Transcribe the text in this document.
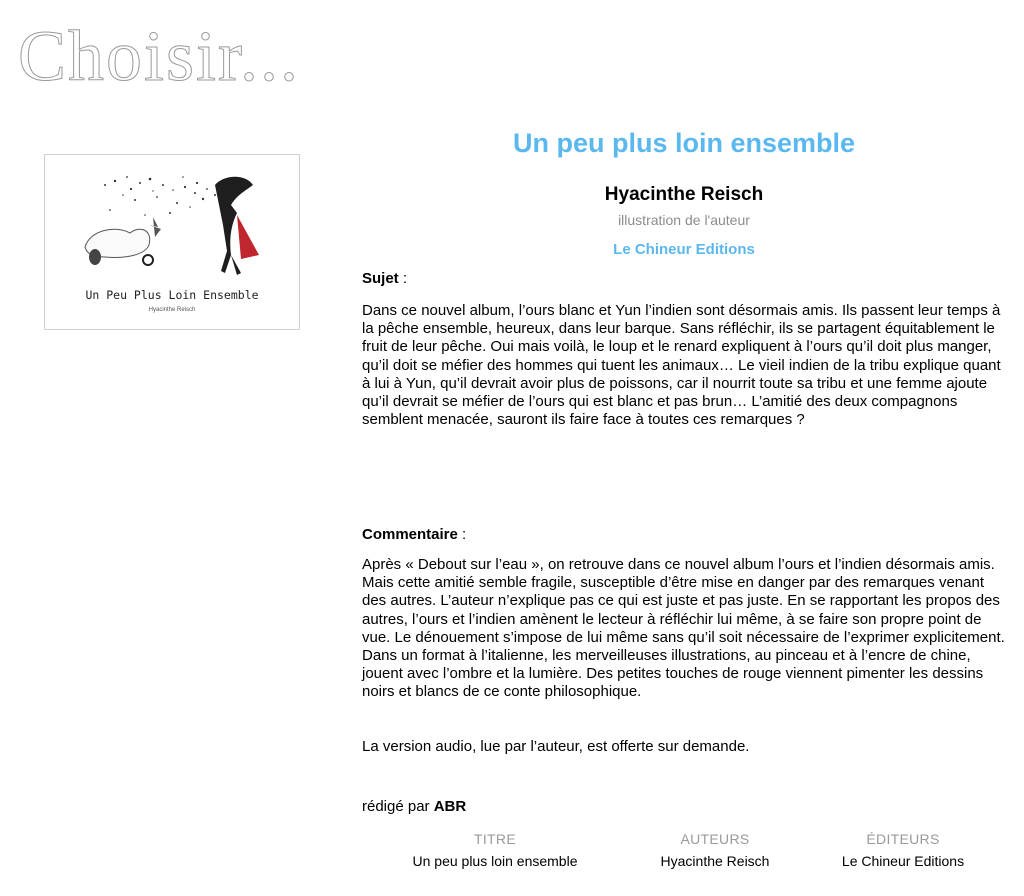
Choisir...
Un Peu Plus Loin Ensemble
Hyacinthe Reisch
Un peu plus loin ensemble
Hyacinthe Reisch
illustration de l'auteur
Le Chineur Editions
Sujet :

Dans ce nouvel album, l’ours blanc et Yun l’indien sont désormais amis. Ils passent leur temps à la pêche ensemble, heureux, dans leur barque. Sans réfléchir, ils se partagent équitablement le fruit de leur pêche. Oui mais voilà, le loup et le renard expliquent à l’ours qu’il doit plus manger, qu’il doit se méfier des hommes qui tuent les animaux… Le vieil indien de la tribu explique quant à lui à Yun, qu’il devrait avoir plus de poissons, car il nourrit toute sa tribu et une femme ajoute qu’il devrait se méfier de l’ours qui est blanc et pas brun… L’amitié des deux compagnons semblent menacée, sauront ils faire face à toutes ces remarques ?

Commentaire :

Après « Debout sur l’eau », on retrouve dans ce nouvel album l’ours et l’indien désormais amis. Mais cette amitié semble fragile, susceptible d’être mise en danger par des remarques venant des autres. L’auteur n’explique pas ce qui est juste et pas juste. En se rapportant les propos des autres, l’ours et l’indien amènent le lecteur à réfléchir lui même, à se faire son propre point de vue. Le dénouement s’impose de lui même sans qu’il soit nécessaire de l’exprimer explicitement. Dans un format à l’italienne, les merveilleuses illustrations, au pinceau et à l’encre de chine, jouent avec l’ombre et la lumière. Des petites touches de rouge viennent pimenter les dessins noirs et blancs de ce conte philosophique.

La version audio, lue par l’auteur, est offerte sur demande.

rédigé par ABR
TITRE
Un peu plus loin ensemble
AUTEURS
Hyacinthe Reisch
ÉDITEURS
Le Chineur Editions
